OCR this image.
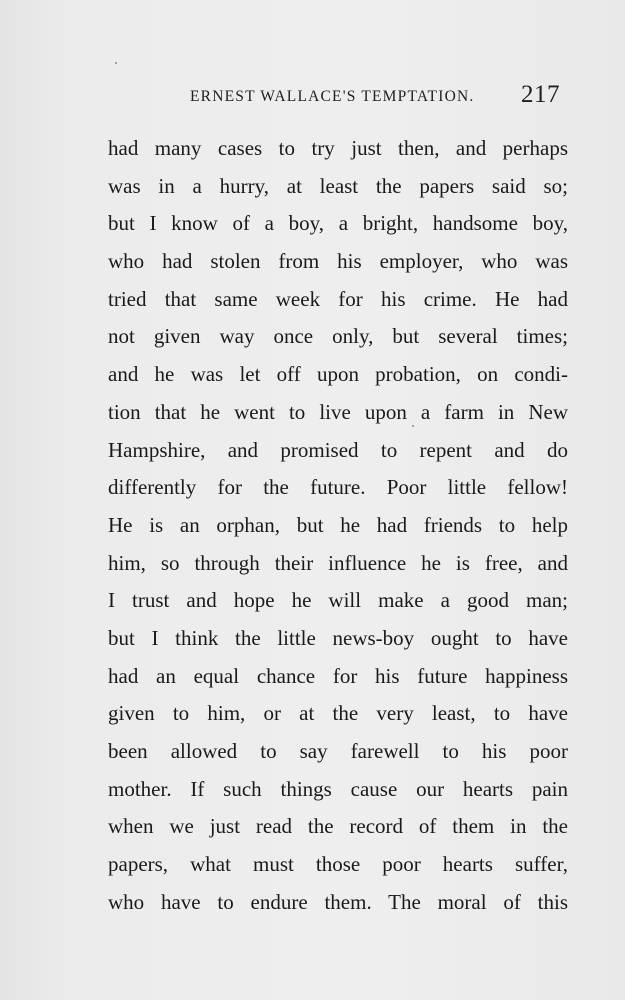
ERNEST WALLACE'S TEMPTATION. 217
had many cases to try just then, and perhaps
was in a hurry, at least the papers said so;
but I know of a boy, a bright, handsome boy,
who had stolen from his employer, who was
tried that same week for his crime. He had
not given way once only, but several times;
and he was let off upon probation, on condi-
tion that he went to live upon a farm in New
Hampshire, and promised to repent and do
differently for the future. Poor little fellow!
He is an orphan, but he had friends to help
him, so through their influence he is free, and
I trust and hope he will make a good man;
but I think the little news-boy ought to have
had an equal chance for his future happiness
given to him, or at the very least, to have
been allowed to say farewell to his poor
mother. If such things cause our hearts pain
when we just read the record of them in the
papers, what must those poor hearts suffer,
who have to endure them. The moral of this
